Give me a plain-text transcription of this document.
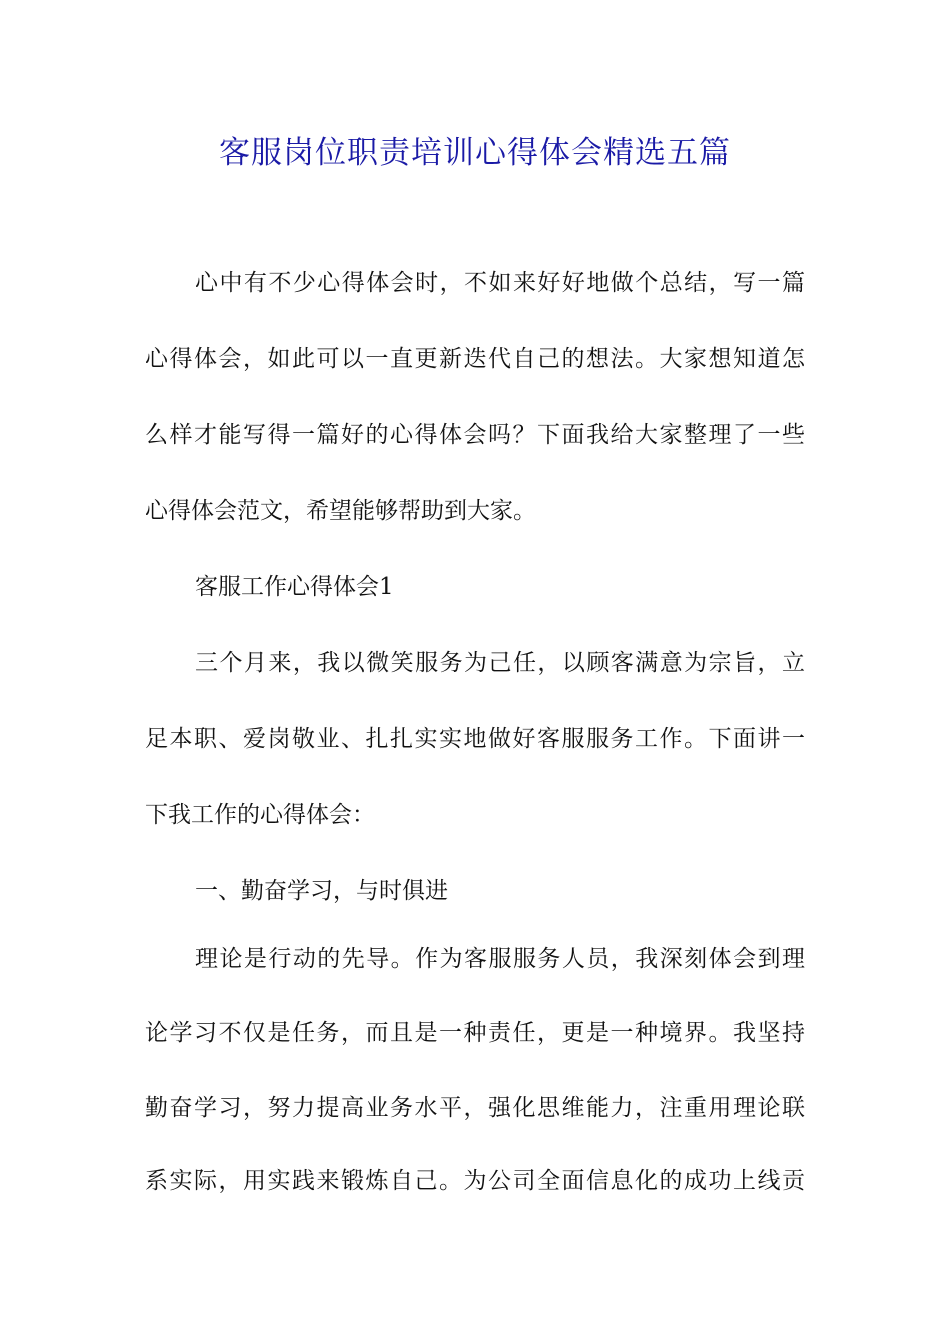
客服岗位职责培训心得体会精选五篇
心中有不少心得体会时，不如来好好地做个总结，写一篇
心得体会，如此可以一直更新迭代自己的想法。大家想知道怎
么样才能写得一篇好的心得体会吗？下面我给大家整理了一些
心得体会范文，希望能够帮助到大家。
客服工作心得体会1
三个月来，我以微笑服务为己任，以顾客满意为宗旨，立
足本职、爱岗敬业、扎扎实实地做好客服服务工作。下面讲一
下我工作的心得体会：
一、勤奋学习，与时俱进
理论是行动的先导。作为客服服务人员，我深刻体会到理
论学习不仅是任务，而且是一种责任，更是一种境界。我坚持
勤奋学习，努力提高业务水平，强化思维能力，注重用理论联
系实际，用实践来锻炼自己。为公司全面信息化的成功上线贡
